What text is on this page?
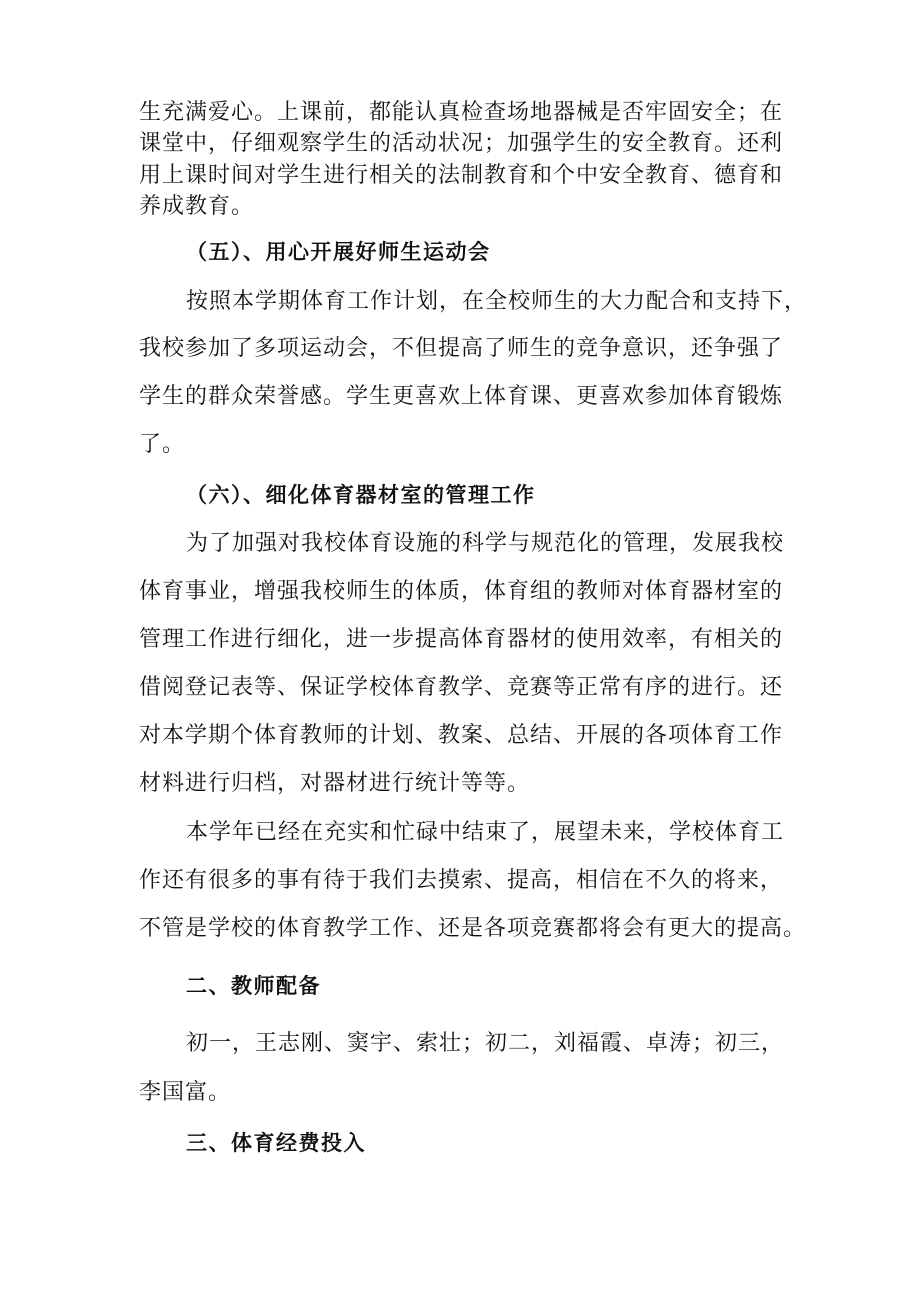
生充满爱心。上课前，都能认真检查场地器械是否牢固安全；在
课堂中，仔细观察学生的活动状况；加强学生的安全教育。还利
用上课时间对学生进行相关的法制教育和个中安全教育、德育和
养成教育。
（五）、用心开展好师生运动会
按照本学期体育工作计划，在全校师生的大力配合和支持下，
我校参加了多项运动会，不但提高了师生的竞争意识，还争强了
学生的群众荣誉感。学生更喜欢上体育课、更喜欢参加体育锻炼
了。
（六）、细化体育器材室的管理工作
为了加强对我校体育设施的科学与规范化的管理，发展我校
体育事业，增强我校师生的体质，体育组的教师对体育器材室的
管理工作进行细化，进一步提高体育器材的使用效率，有相关的
借阅登记表等、保证学校体育教学、竞赛等正常有序的进行。还
对本学期个体育教师的计划、教案、总结、开展的各项体育工作
材料进行归档，对器材进行统计等等。
本学年已经在充实和忙碌中结束了，展望未来，学校体育工
作还有很多的事有待于我们去摸索、提高，相信在不久的将来，
不管是学校的体育教学工作、还是各项竞赛都将会有更大的提高。
二、教师配备
初一，王志刚、窦宇、索壮；初二，刘福霞、卓涛；初三，
李国富。
三、体育经费投入
